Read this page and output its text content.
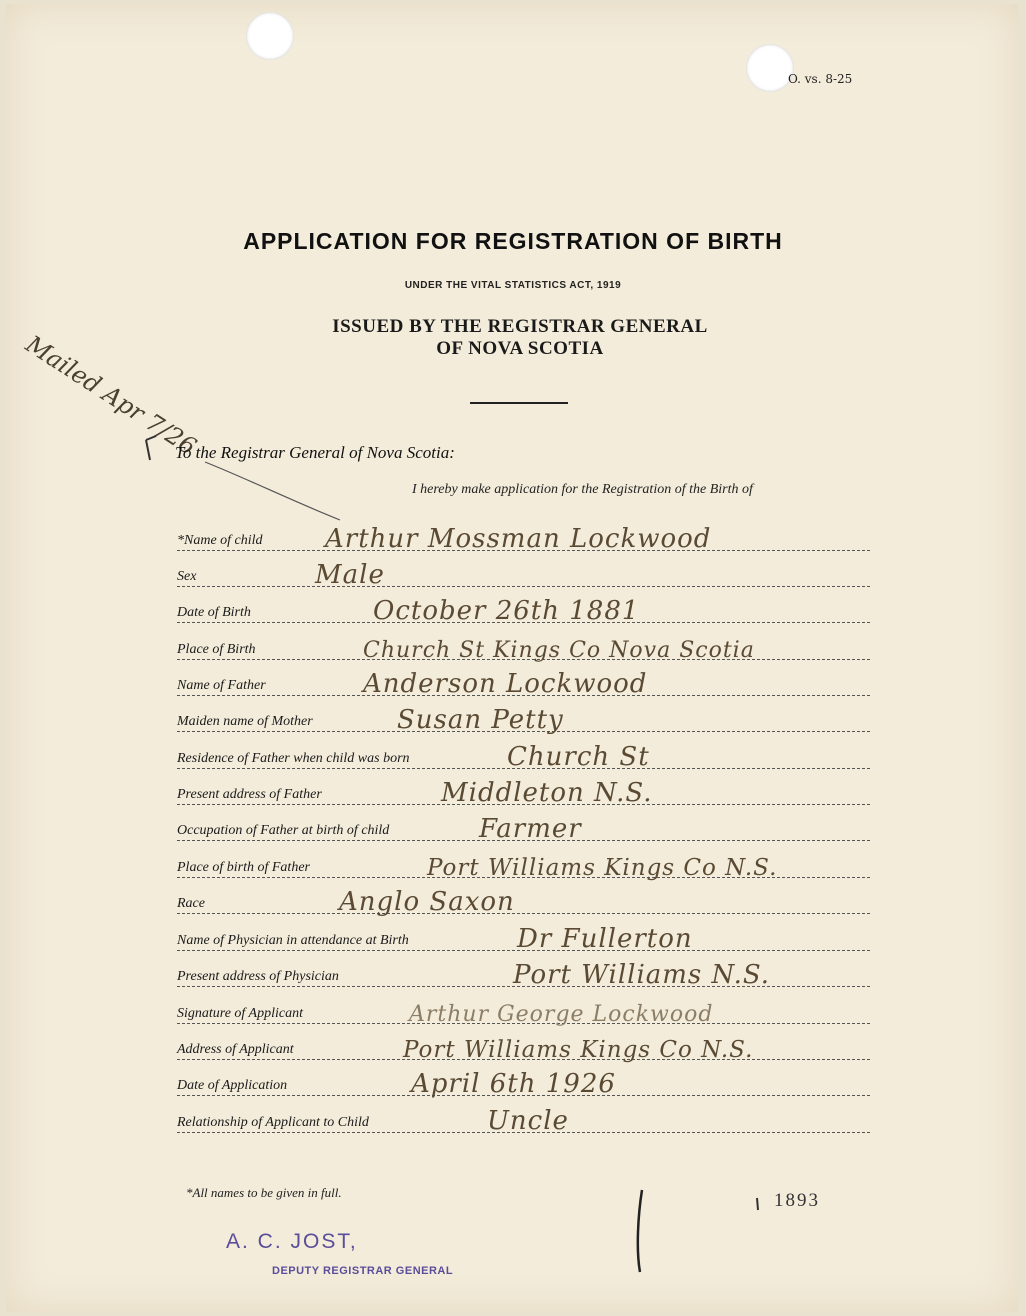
O. vs. 8-25
APPLICATION FOR REGISTRATION OF BIRTH
UNDER THE VITAL STATISTICS ACT, 1919
ISSUED BY THE REGISTRAR GENERAL
OF NOVA SCOTIA
Mailed Apr 7/26
To the Registrar General of Nova Scotia:
I hereby make application for the Registration of the Birth of
*Name of child Arthur Mossman Lockwood
Sex	Male
Date of Birth	October 26th 1881
Place of Birth	Church St Kings Co Nova Scotia
Name of Father	Anderson Lockwood
Maiden name of Mother	Susan Petty
Residence of Father when child was born	Church St
Present address of Father	Middleton N.S.
Occupation of Father at birth of child	Farmer
Place of birth of Father	Port Williams Kings Co N.S.
Race	Anglo Saxon
Name of Physician in attendance at Birth	Dr Fullerton
Present address of Physician	Port Williams N.S.
Signature of Applicant	Arthur George Lockwood
Address of Applicant	Port Williams Kings Co N.S.
Date of Application	April 6th 1926
Relationship of Applicant to Child	Uncle
*All names to be given in full.	1893
A. C. JOST,
DEPUTY REGISTRAR GENERAL
